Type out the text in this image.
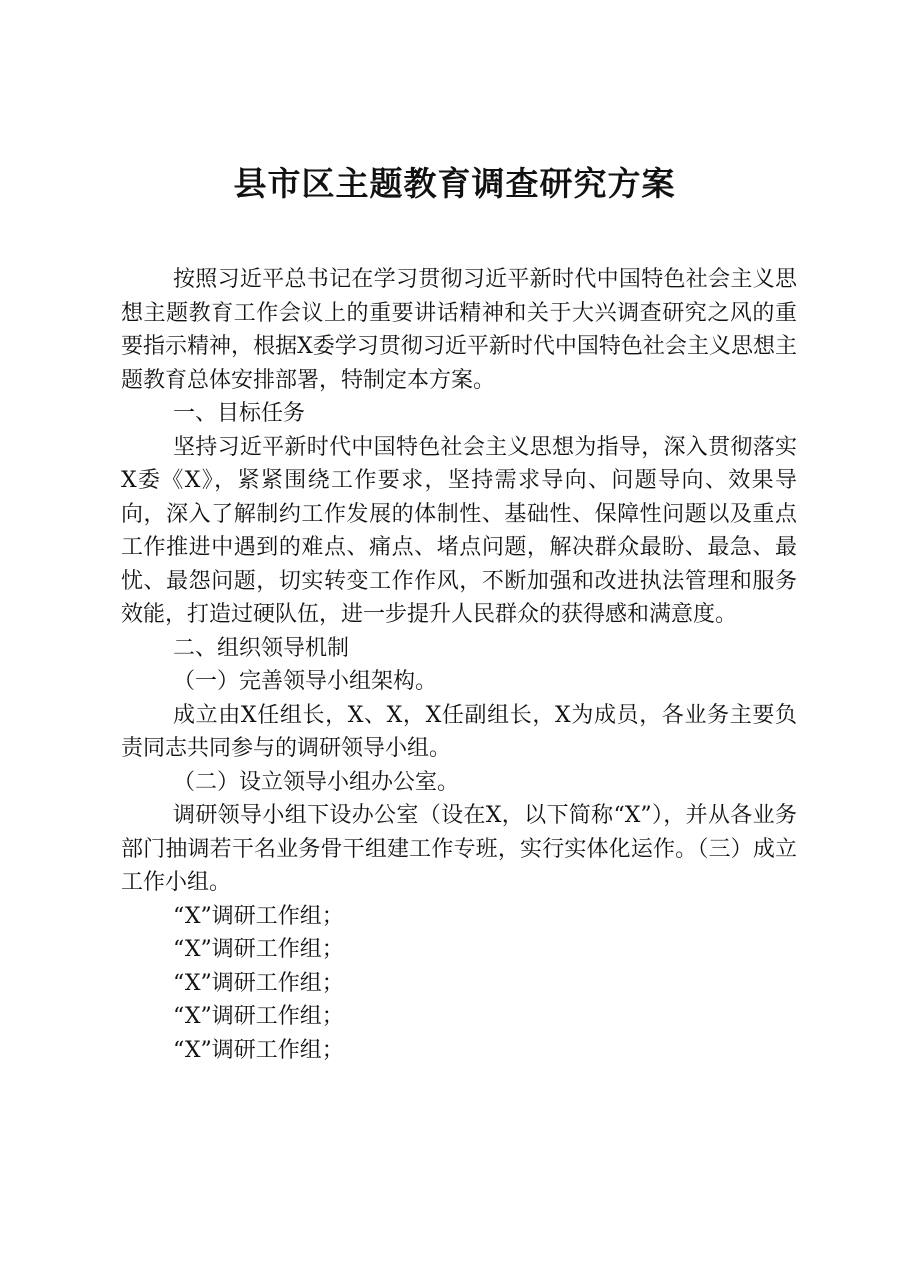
县市区主题教育调查研究方案

按照习近平总书记在学习贯彻习近平新时代中国特色社会主义思想主题教育工作会议上的重要讲话精神和关于大兴调查研究之风的重要指示精神，根据X委学习贯彻习近平新时代中国特色社会主义思想主题教育总体安排部署，特制定本方案。

一、目标任务

坚持习近平新时代中国特色社会主义思想为指导，深入贯彻落实X委《X》，紧紧围绕工作要求，坚持需求导向、问题导向、效果导向，深入了解制约工作发展的体制性、基础性、保障性问题以及重点工作推进中遇到的难点、痛点、堵点问题，解决群众最盼、最急、最忧、最怨问题，切实转变工作作风，不断加强和改进执法管理和服务效能，打造过硬队伍，进一步提升人民群众的获得感和满意度。

二、组织领导机制

（一）完善领导小组架构。

成立由X任组长，X、X，X任副组长，X为成员，各业务主要负责同志共同参与的调研领导小组。

（二）设立领导小组办公室。

调研领导小组下设办公室（设在X，以下简称“X”），并从各业务部门抽调若干名业务骨干组建工作专班，实行实体化运作。（三）成立工作小组。

“X”调研工作组；

“X”调研工作组；

“X”调研工作组；

“X”调研工作组；

“X”调研工作组；
